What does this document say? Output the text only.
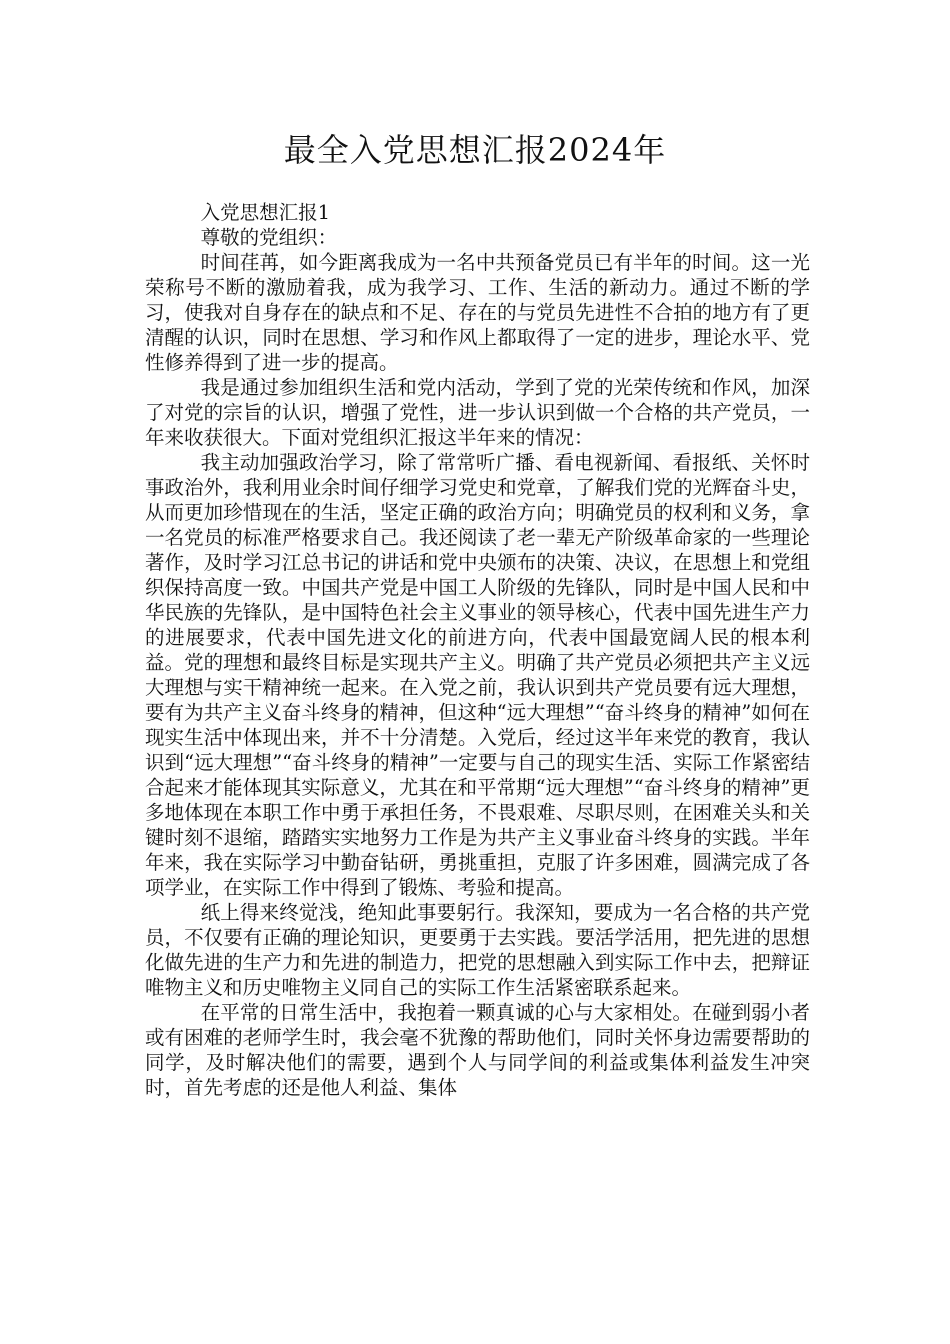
最全入党思想汇报2024年

入党思想汇报1

尊敬的党组织：

时间荏苒，如今距离我成为一名中共预备党员已有半年的时间。这一光荣称号不断的激励着我，成为我学习、工作、生活的新动力。通过不断的学习，使我对自身存在的缺点和不足、存在的与党员先进性不合拍的地方有了更清醒的认识，同时在思想、学习和作风上都取得了一定的进步，理论水平、党性修养得到了进一步的提高。

我是通过参加组织生活和党内活动，学到了党的光荣传统和作风，加深了对党的宗旨的认识，增强了党性，进一步认识到做一个合格的共产党员，一年来收获很大。下面对党组织汇报这半年来的情况：

我主动加强政治学习，除了常常听广播、看电视新闻、看报纸、关怀时事政治外，我利用业余时间仔细学习党史和党章，了解我们党的光辉奋斗史，从而更加珍惜现在的生活，坚定正确的政治方向；明确党员的权利和义务，拿一名党员的标准严格要求自己。我还阅读了老一辈无产阶级革命家的一些理论著作，及时学习江总书记的讲话和党中央颁布的决策、决议，在思想上和党组织保持高度一致。中国共产党是中国工人阶级的先锋队，同时是中国人民和中华民族的先锋队，是中国特色社会主义事业的领导核心，代表中国先进生产力的进展要求，代表中国先进文化的前进方向，代表中国最宽阔人民的根本利益。党的理想和最终目标是实现共产主义。明确了共产党员必须把共产主义远大理想与实干精神统一起来。在入党之前，我认识到共产党员要有远大理想，要有为共产主义奋斗终身的精神，但这种“远大理想”“奋斗终身的精神”如何在现实生活中体现出来，并不十分清楚。入党后，经过这半年来党的教育，我认识到“远大理想”“奋斗终身的精神”一定要与自己的现实生活、实际工作紧密结合起来才能体现其实际意义，尤其在和平常期“远大理想”“奋斗终身的精神”更多地体现在本职工作中勇于承担任务，不畏艰难、尽职尽则，在困难关头和关键时刻不退缩，踏踏实实地努力工作是为共产主义事业奋斗终身的实践。半年年来，我在实际学习中勤奋钻研，勇挑重担，克服了许多困难，圆满完成了各项学业，在实际工作中得到了锻炼、考验和提高。

纸上得来终觉浅，绝知此事要躬行。我深知，要成为一名合格的共产党员，不仅要有正确的理论知识，更要勇于去实践。要活学活用，把先进的思想化做先进的生产力和先进的制造力，把党的思想融入到实际工作中去，把辩证唯物主义和历史唯物主义同自己的实际工作生活紧密联系起来。

在平常的日常生活中，我抱着一颗真诚的心与大家相处。在碰到弱小者或有困难的老师学生时，我会毫不犹豫的帮助他们，同时关怀身边需要帮助的同学，及时解决他们的需要，遇到个人与同学间的利益或集体利益发生冲突时，首先考虑的还是他人利益、集体
